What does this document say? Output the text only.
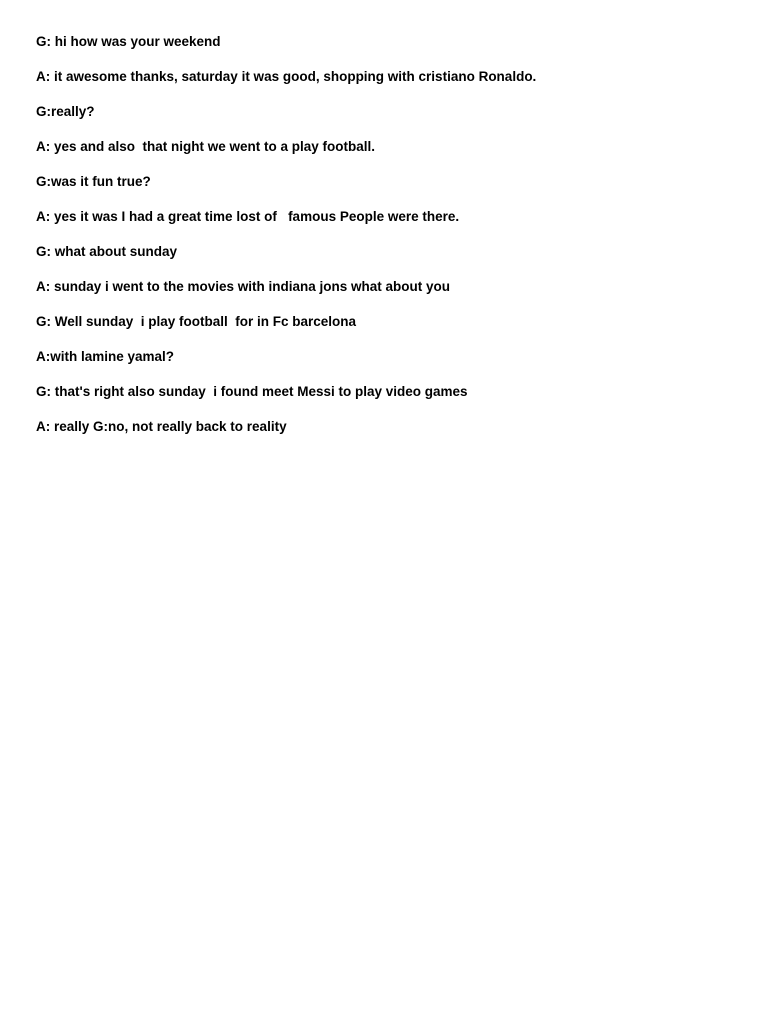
G: hi how was your weekend
A: it awesome thanks, saturday it was good, shopping with cristiano Ronaldo.
G:really?
A: yes and also  that night we went to a play football.
G:was it fun true?
A: yes it was I had a great time lost of   famous People were there.
G: what about sunday
A: sunday i went to the movies with indiana jons what about you
G: Well sunday  i play football  for in Fc barcelona
A:with lamine yamal?
G: that's right also sunday  i found meet Messi to play video games
A: really G:no, not really back to reality
